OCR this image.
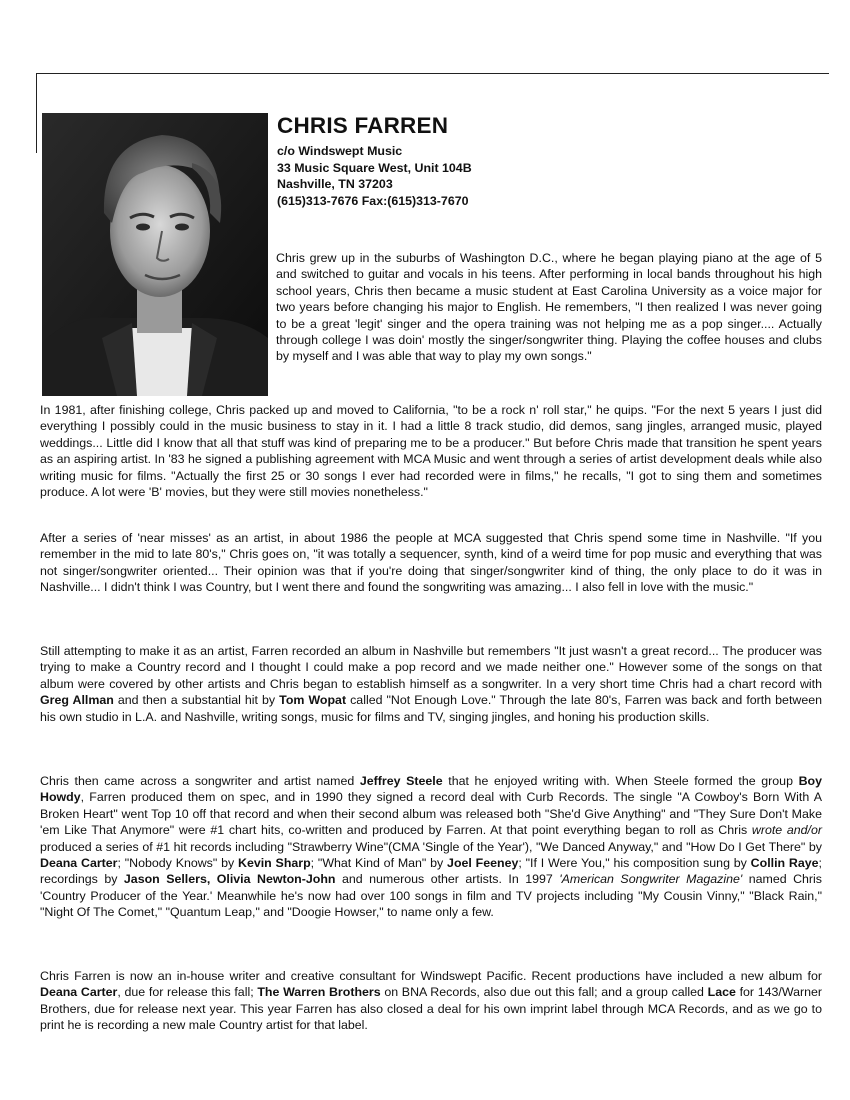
CHRIS FARREN
c/o Windswept Music
33 Music Square West, Unit 104B
Nashville, TN 37203
(615)313-7676 Fax:(615)313-7670

Chris grew up in the suburbs of Washington D.C., where he began playing piano at the age of 5 and switched to guitar and vocals in his teens. After performing in local bands throughout his high school years, Chris then became a music student at East Carolina University as a voice major for two years before changing his major to English. He remembers, "I then realized I was never going to be a great 'legit' singer and the opera training was not helping me as a pop singer.... Actually through college I was doin' mostly the singer/songwriter thing. Playing the coffee houses and clubs by myself and I was able that way to play my own songs."

In 1981, after finishing college, Chris packed up and moved to California, "to be a rock n' roll star," he quips. "For the next 5 years I just did everything I possibly could in the music business to stay in it. I had a little 8 track studio, did demos, sang jingles, arranged music, played weddings... Little did I know that all that stuff was kind of preparing me to be a producer." But before Chris made that transition he spent years as an aspiring artist. In '83 he signed a publishing agreement with MCA Music and went through a series of artist development deals while also writing music for films. "Actually the first 25 or 30 songs I ever had recorded were in films," he recalls, "I got to sing them and sometimes produce. A lot were 'B' movies, but they were still movies nonetheless."

After a series of 'near misses' as an artist, in about 1986 the people at MCA suggested that Chris spend some time in Nashville. "If you remember in the mid to late 80's," Chris goes on, "it was totally a sequencer, synth, kind of a weird time for pop music and everything that was not singer/songwriter oriented... Their opinion was that if you're doing that singer/songwriter kind of thing, the only place to do it was in Nashville... I didn't think I was Country, but I went there and found the songwriting was amazing... I also fell in love with the music."

Still attempting to make it as an artist, Farren recorded an album in Nashville but remembers "It just wasn't a great record... The producer was trying to make a Country record and I thought I could make a pop record and we made neither one." However some of the songs on that album were covered by other artists and Chris began to establish himself as a songwriter. In a very short time Chris had a chart record with Greg Allman and then a substantial hit by Tom Wopat called "Not Enough Love." Through the late 80's, Farren was back and forth between his own studio in L.A. and Nashville, writing songs, music for films and TV, singing jingles, and honing his production skills.

Chris then came across a songwriter and artist named Jeffrey Steele that he enjoyed writing with. When Steele formed the group Boy Howdy, Farren produced them on spec, and in 1990 they signed a record deal with Curb Records. The single "A Cowboy's Born With A Broken Heart" went Top 10 off that record and when their second album was released both "She'd Give Anything" and "They Sure Don't Make 'em Like That Anymore" were #1 chart hits, co-written and produced by Farren. At that point everything began to roll as Chris wrote and/or produced a series of #1 hit records including "Strawberry Wine"(CMA 'Single of the Year'), "We Danced Anyway," and "How Do I Get There" by Deana Carter; "Nobody Knows" by Kevin Sharp; "What Kind of Man" by Joel Feeney; "If I Were You," his composition sung by Collin Raye; recordings by Jason Sellers, Olivia Newton-John and numerous other artists. In 1997 'American Songwriter Magazine' named Chris 'Country Producer of the Year.' Meanwhile he's now had over 100 songs in film and TV projects including "My Cousin Vinny," "Black Rain," "Night Of The Comet," "Quantum Leap," and "Doogie Howser," to name only a few.

Chris Farren is now an in-house writer and creative consultant for Windswept Pacific. Recent productions have included a new album for Deana Carter, due for release this fall; The Warren Brothers on BNA Records, also due out this fall; and a group called Lace for 143/Warner Brothers, due for release next year. This year Farren has also closed a deal for his own imprint label through MCA Records, and as we go to print he is recording a new male Country artist for that label.
